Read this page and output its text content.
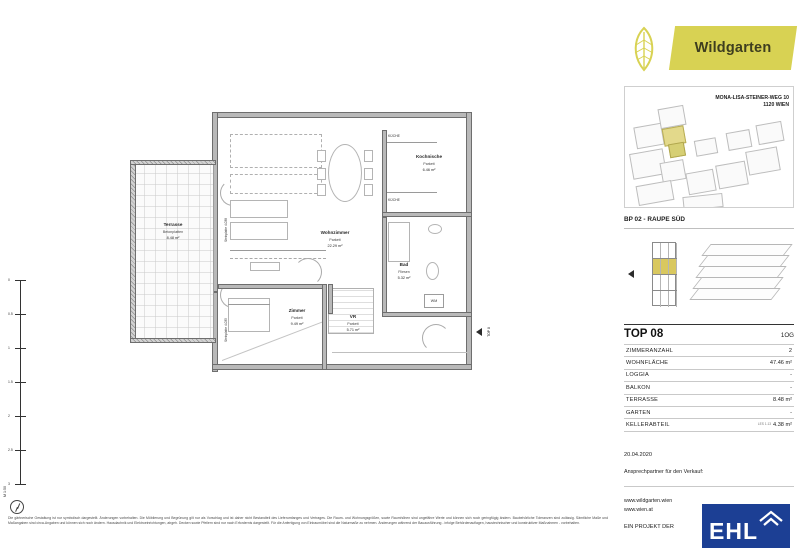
0
0.5
1
1.5
2
2.5
3
M 1:50
Terrasse
Betonplatten
8.48 m²	Steinplatte 4.038
Steinplatte 4.035
Wohnzimmer
Parkett
22.29 m²
KÜCHE
KÜCHE
Kochnische
Parkett
6.46 m²
Bad
Fliesen
5.32 m²
WM
Zimmer
Parkett
9.49 m²
VR
Parkett
5.71 m²	TOP 8
Die gärtnerische Gestaltung ist nur symbolisch dargestellt. Änderungen vorbehalten. Die Möblierung und Begrünung gilt nur als Vorschlag und ist daher nicht Bestandteil des Lieferumfanges und Vertrages. Die Raum- und Wohnungsgrößen, sowie Raumhöhen sind ungefähre Werte und können sich noch geringfügig ändern. Baubehörliche Toleranzen sind zulässig. Sämtliche Maße und Maßangaben sind circa-Angaben und können sich noch ändern. Hausdachnik und Elektroeinrichtungen, abgeh. Decken sowie Pfeilern sind nur nach Erfordernis dargestellt. Für die Anfertigung von Einbaumöbel sind die Naturmaße zu nehmen. Änderungen während der Bauausführung - infolge Behördenauflagen, haustechnischer und konstruktiver Maßnahmen - vorbehalten.
Wildgarten
MONA-LISA-STEINER-WEG 10
1120 WIEN
BP 02 - RAUPE SÜD
TOP 08	1OG
ZIMMERANZAHL	2
WOHNFLÄCHE	47.46 m²
LOGGIA	-
BALKON	-
TERRASSE	8.48 m²
GARTEN	-
KELLERABTEIL	LES 1.13 4.38 m²
20.04.2020
Ansprechpartner für den Verkauf:
www.wildgarten.wien
www.wien.at
EIN PROJEKT DER	EHL
